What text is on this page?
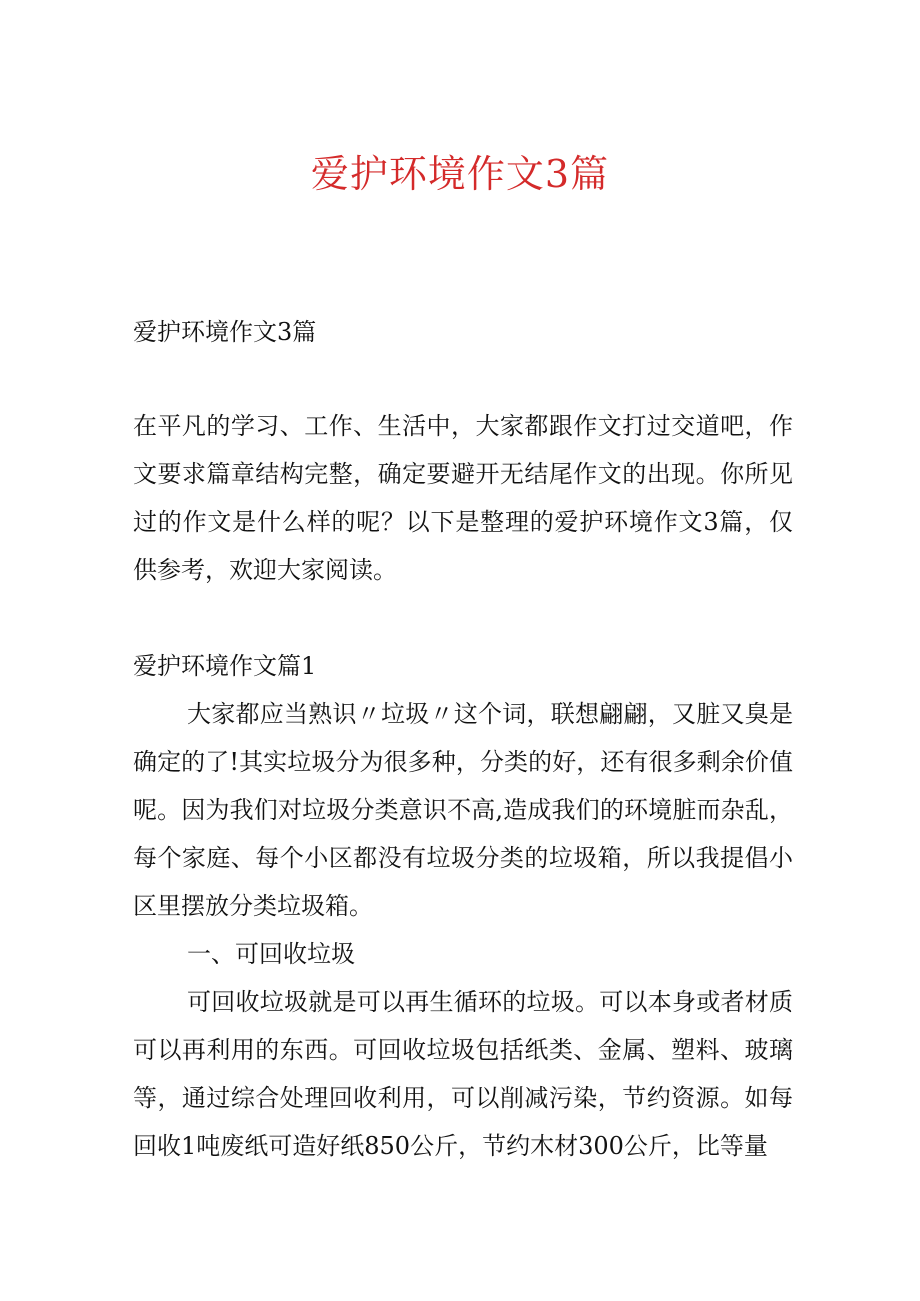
爱护环境作文3篇
爱护环境作文3篇
在平凡的学习、工作、生活中，大家都跟作文打过交道吧，作文要求篇章结构完整，确定要避开无结尾作文的出现。你所见过的作文是什么样的呢？以下是整理的爱护环境作文3篇，仅供参考，欢迎大家阅读。
爱护环境作文篇1
大家都应当熟识〃垃圾〃这个词，联想翩翩，又脏又臭是确定的了!其实垃圾分为很多种，分类的好，还有很多剩余价值呢。因为我们对垃圾分类意识不高,造成我们的环境脏而杂乱，每个家庭、每个小区都没有垃圾分类的垃圾箱，所以我提倡小区里摆放分类垃圾箱。
一、可回收垃圾
可回收垃圾就是可以再生循环的垃圾。可以本身或者材质可以再利用的东西。可回收垃圾包括纸类、金属、塑料、玻璃等，通过综合处理回收利用，可以削减污染，节约资源。如每回收1吨废纸可造好纸850公斤，节约木材300公斤，比等量
